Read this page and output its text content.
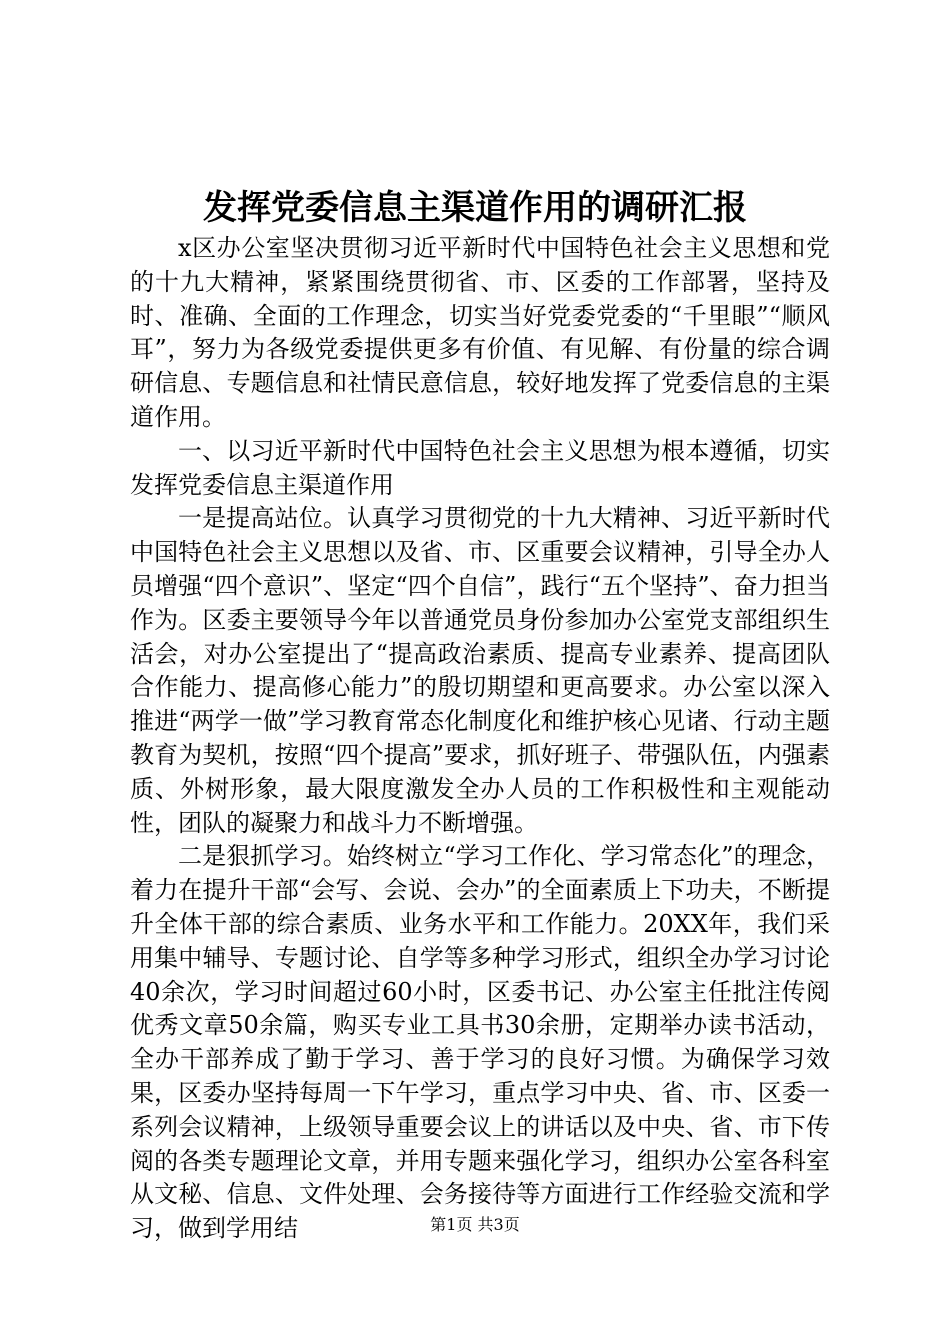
发挥党委信息主渠道作用的调研汇报

x区办公室坚决贯彻习近平新时代中国特色社会主义思想和党的十九大精神，紧紧围绕贯彻省、市、区委的工作部署，坚持及时、准确、全面的工作理念，切实当好党委党委的“千里眼”“顺风耳”，努力为各级党委提供更多有价值、有见解、有份量的综合调研信息、专题信息和社情民意信息，较好地发挥了党委信息的主渠道作用。

一、以习近平新时代中国特色社会主义思想为根本遵循，切实发挥党委信息主渠道作用

一是提高站位。认真学习贯彻党的十九大精神、习近平新时代中国特色社会主义思想以及省、市、区重要会议精神，引导全办人员增强“四个意识”、坚定“四个自信”，践行“五个坚持”、奋力担当作为。区委主要领导今年以普通党员身份参加办公室党支部组织生活会，对办公室提出了“提高政治素质、提高专业素养、提高团队合作能力、提高修心能力”的殷切期望和更高要求。办公室以深入推进“两学一做”学习教育常态化制度化和维护核心见诸、行动主题教育为契机，按照“四个提高”要求，抓好班子、带强队伍，内强素质、外树形象，最大限度激发全办人员的工作积极性和主观能动性，团队的凝聚力和战斗力不断增强。

二是狠抓学习。始终树立“学习工作化、学习常态化”的理念，着力在提升干部“会写、会说、会办”的全面素质上下功夫，不断提升全体干部的综合素质、业务水平和工作能力。20XX年，我们采用集中辅导、专题讨论、自学等多种学习形式，组织全办学习讨论40余次，学习时间超过60小时，区委书记、办公室主任批注传阅优秀文章50余篇，购买专业工具书30余册，定期举办读书活动，全办干部养成了勤于学习、善于学习的良好习惯。为确保学习效果，区委办坚持每周一下午学习，重点学习中央、省、市、区委一系列会议精神，上级领导重要会议上的讲话以及中央、省、市下传阅的各类专题理论文章，并用专题来强化学习，组织办公室各科室从文秘、信息、文件处理、会务接待等方面进行工作经验交流和学习，做到学用结	第1页 共3页
